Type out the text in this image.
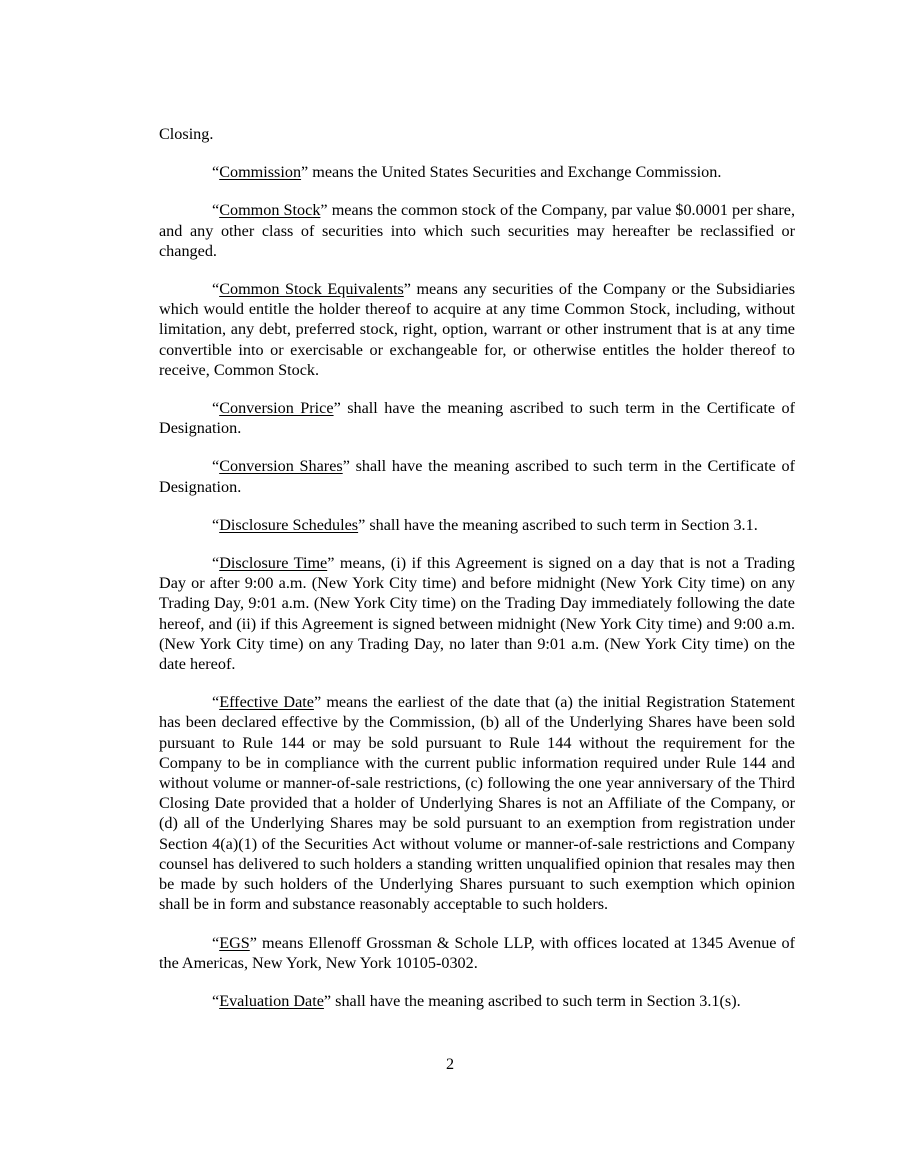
Closing.

“Commission” means the United States Securities and Exchange Commission.

“Common Stock” means the common stock of the Company, par value $0.0001 per share, and any other class of securities into which such securities may hereafter be reclassified or changed.

“Common Stock Equivalents” means any securities of the Company or the Subsidiaries which would entitle the holder thereof to acquire at any time Common Stock, including, without limitation, any debt, preferred stock, right, option, warrant or other instrument that is at any time convertible into or exercisable or exchangeable for, or otherwise entitles the holder thereof to receive, Common Stock.

“Conversion Price” shall have the meaning ascribed to such term in the Certificate of Designation.

“Conversion Shares” shall have the meaning ascribed to such term in the Certificate of Designation.

“Disclosure Schedules” shall have the meaning ascribed to such term in Section 3.1.

“Disclosure Time” means, (i) if this Agreement is signed on a day that is not a Trading Day or after 9:00 a.m. (New York City time) and before midnight (New York City time) on any Trading Day, 9:01 a.m. (New York City time) on the Trading Day immediately following the date hereof, and (ii) if this Agreement is signed between midnight (New York City time) and 9:00 a.m. (New York City time) on any Trading Day, no later than 9:01 a.m. (New York City time) on the date hereof.

“Effective Date” means the earliest of the date that (a) the initial Registration Statement has been declared effective by the Commission, (b) all of the Underlying Shares have been sold pursuant to Rule 144 or may be sold pursuant to Rule 144 without the requirement for the Company to be in compliance with the current public information required under Rule 144 and without volume or manner-of-sale restrictions, (c) following the one year anniversary of the Third Closing Date provided that a holder of Underlying Shares is not an Affiliate of the Company, or (d) all of the Underlying Shares may be sold pursuant to an exemption from registration under Section 4(a)(1) of the Securities Act without volume or manner-of-sale restrictions and Company counsel has delivered to such holders a standing written unqualified opinion that resales may then be made by such holders of the Underlying Shares pursuant to such exemption which opinion shall be in form and substance reasonably acceptable to such holders.

“EGS” means Ellenoff Grossman & Schole LLP, with offices located at 1345 Avenue of the Americas, New York, New York 10105-0302.

“Evaluation Date” shall have the meaning ascribed to such term in Section 3.1(s).

2
